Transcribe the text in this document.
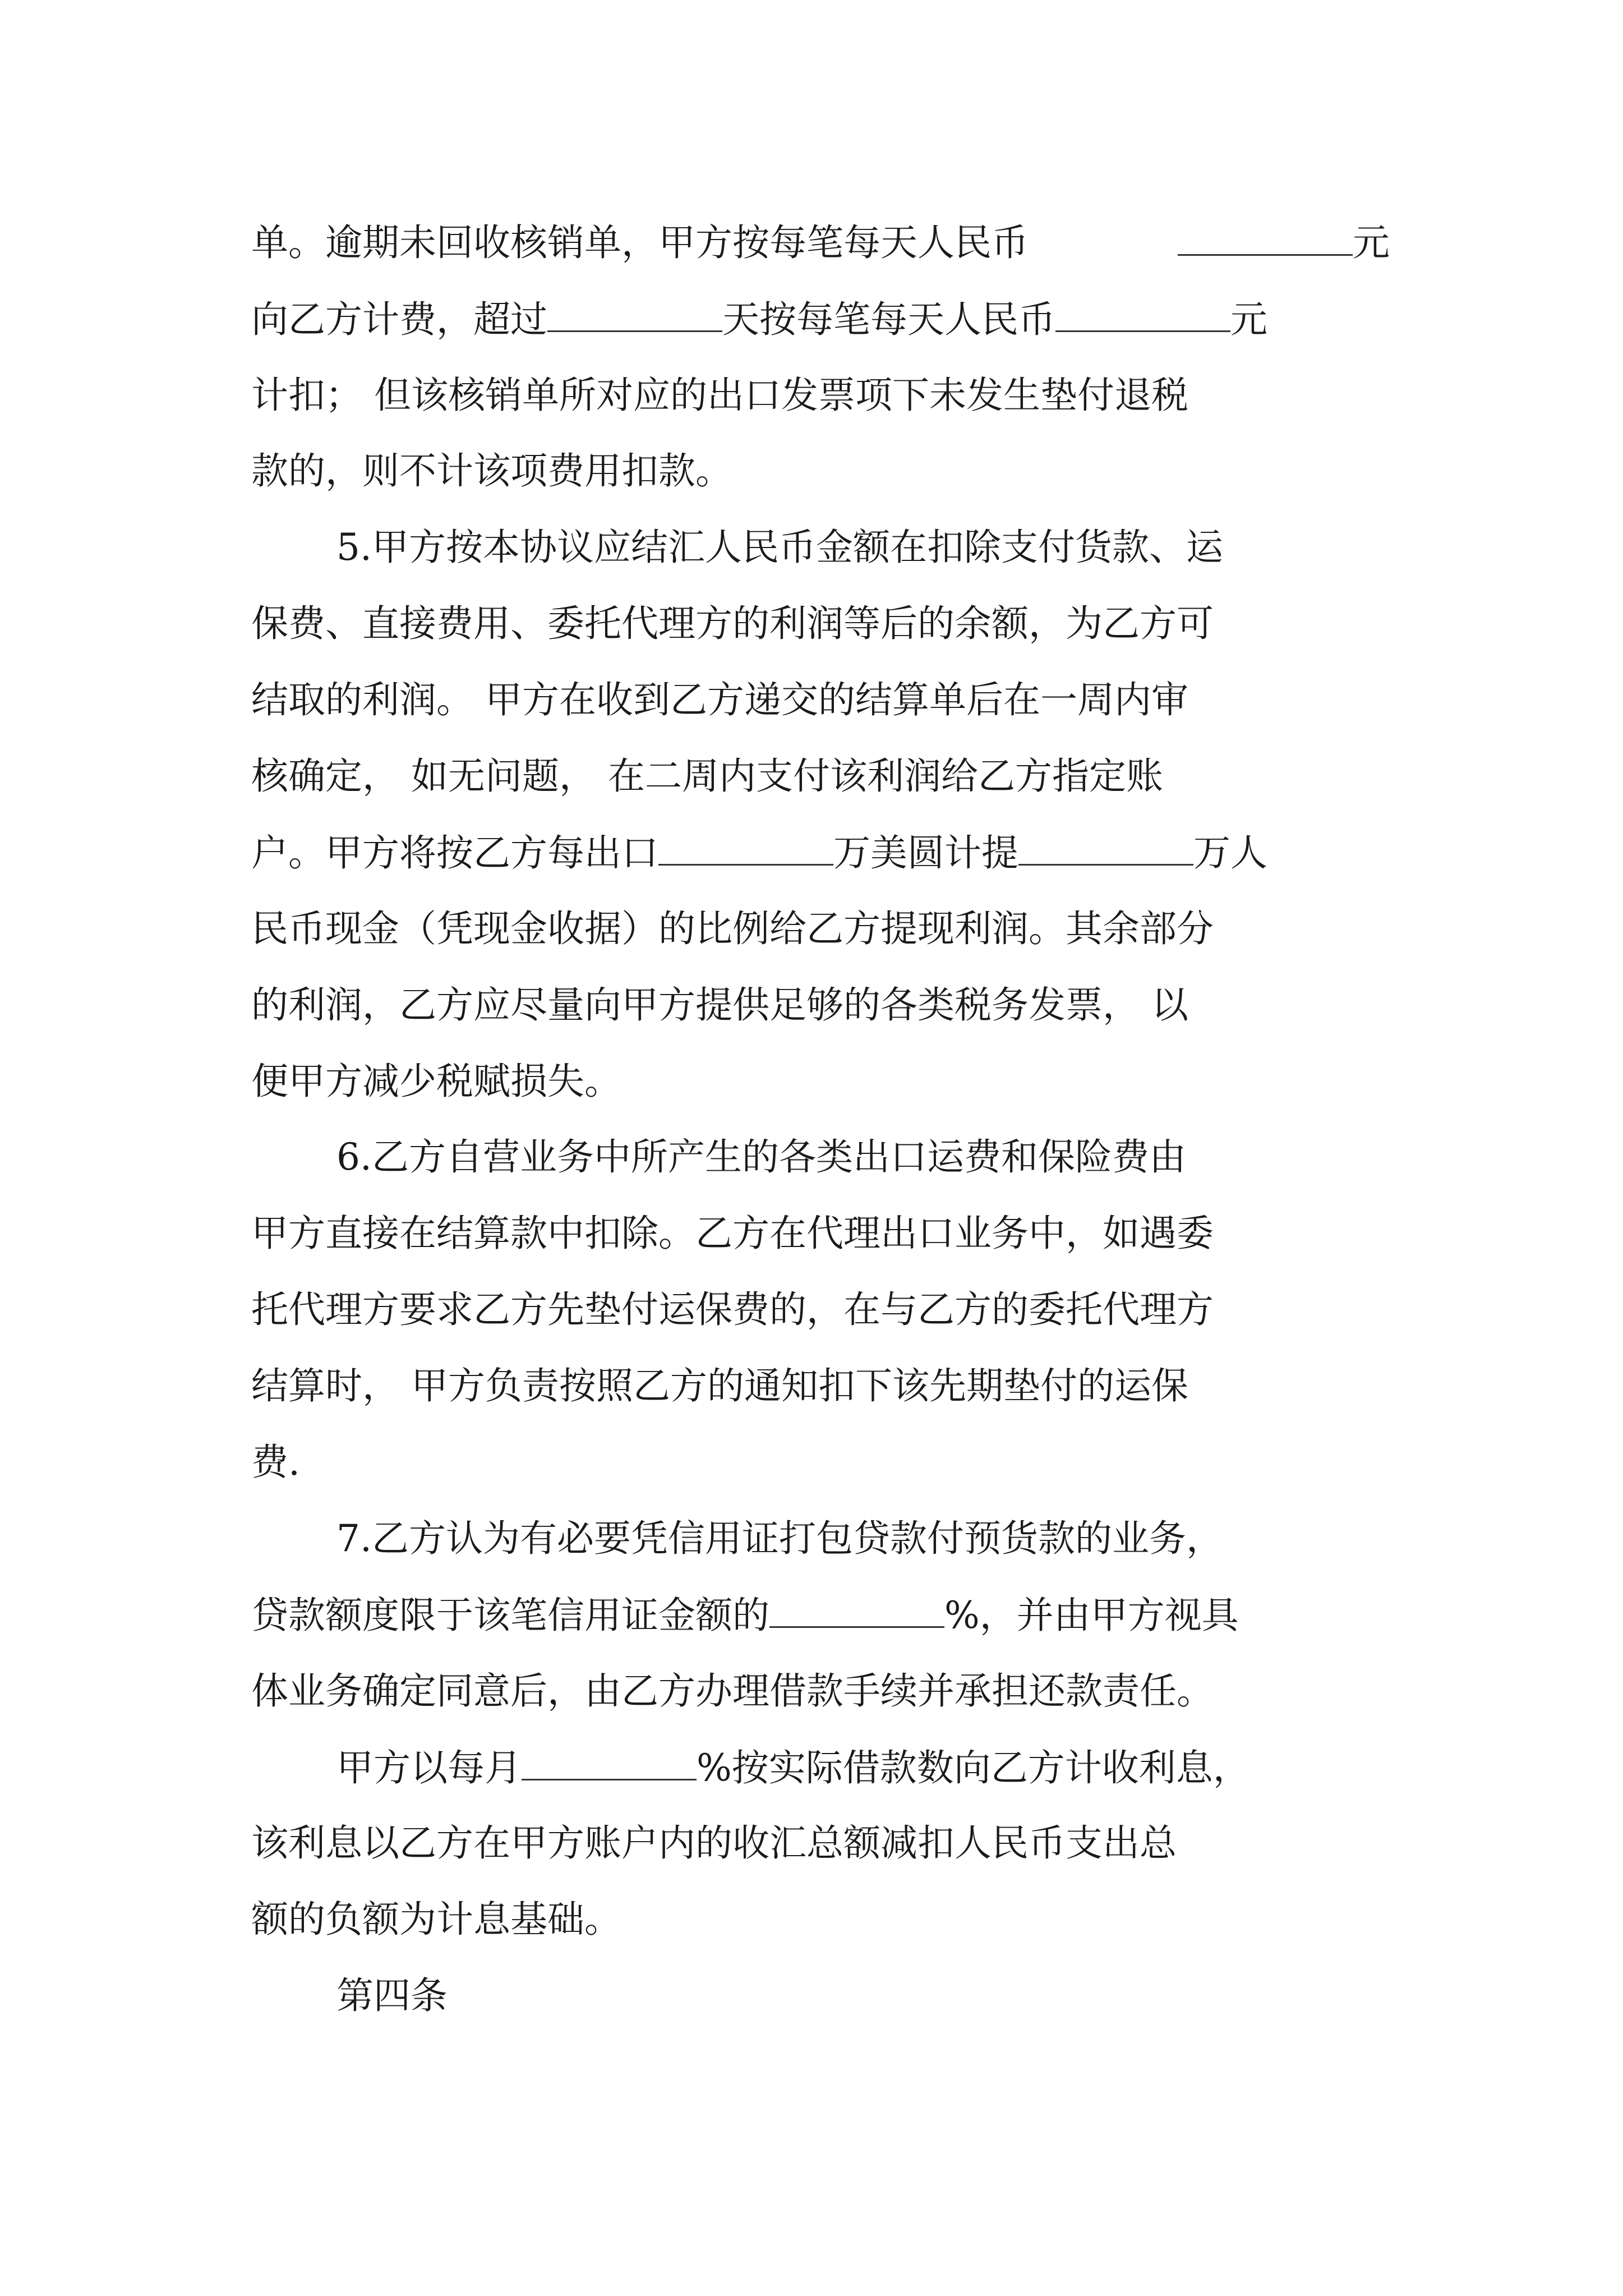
单。逾期未回收核销单，甲方按每笔每天人民币	元
向乙方计费，超过	天按每笔每天人民币	元
计扣； 但该核销单所对应的出口发票项下未发生垫付退税
款的，则不计该项费用扣款。
5.甲方按本协议应结汇人民币金额在扣除支付货款、运
保费、直接费用、委托代理方的利润等后的余额，为乙方可
结取的利润。 甲方在收到乙方递交的结算单后在一周内审
核确定， 如无问题， 在二周内支付该利润给乙方指定账
户。甲方将按乙方每出口	万美圆计提	万人
民币现金（凭现金收据）的比例给乙方提现利润。其余部分
的利润，乙方应尽量向甲方提供足够的各类税务发票， 以
便甲方减少税赋损失。
6.乙方自营业务中所产生的各类出口运费和保险费由
甲方直接在结算款中扣除。乙方在代理出口业务中，如遇委
托代理方要求乙方先垫付运保费的，在与乙方的委托代理方
结算时， 甲方负责按照乙方的通知扣下该先期垫付的运保
费.
7.乙方认为有必要凭信用证打包贷款付预货款的业务，
贷款额度限于该笔信用证金额的	%，并由甲方视具
体业务确定同意后，由乙方办理借款手续并承担还款责任。
甲方以每月	%按实际借款数向乙方计收利息，
该利息以乙方在甲方账户内的收汇总额减扣人民币支出总
额的负额为计息基础。
第四条
